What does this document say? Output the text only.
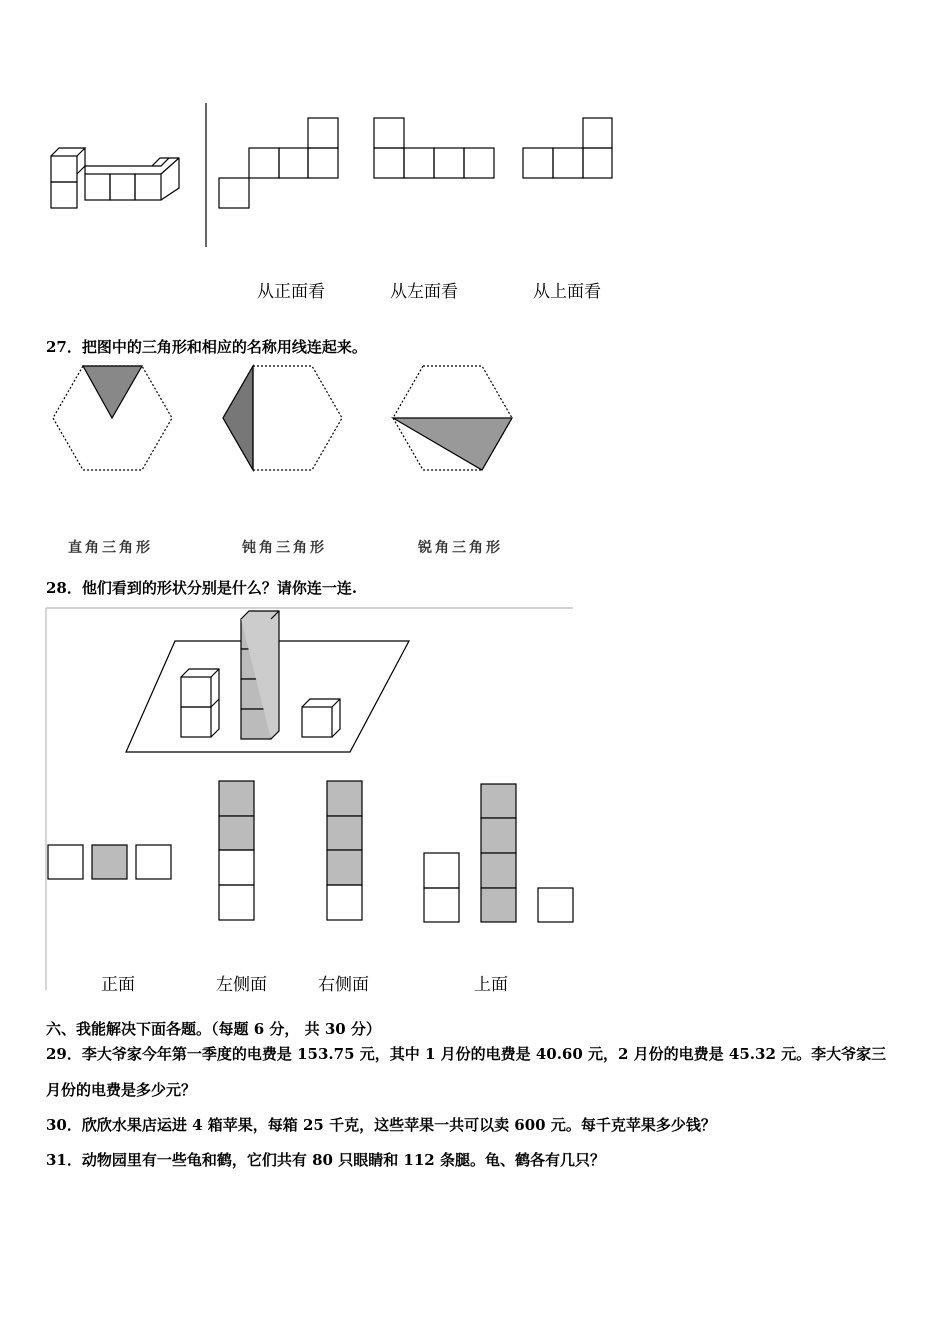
从正面看	从左面看	从上面看
27．把图中的三角形和相应的名称用线连起来。
直角三角形	钝角三角形	锐角三角形
28．他们看到的形状分别是什么？请你连一连.
正面	左侧面	右侧面	上面
六、我能解决下面各题。（每题 6 分， 共 30 分）
29．李大爷家今年第一季度的电费是 153.75 元，其中 1 月份的电费是 40.60 元，2 月份的电费是 45.32 元。李大爷家三
月份的电费是多少元？
30．欣欣水果店运进 4 箱苹果，每箱 25 千克，这些苹果一共可以卖 600 元。每千克苹果多少钱？
31．动物园里有一些龟和鹤，它们共有 80 只眼睛和 112 条腿。龟、鹤各有几只？
